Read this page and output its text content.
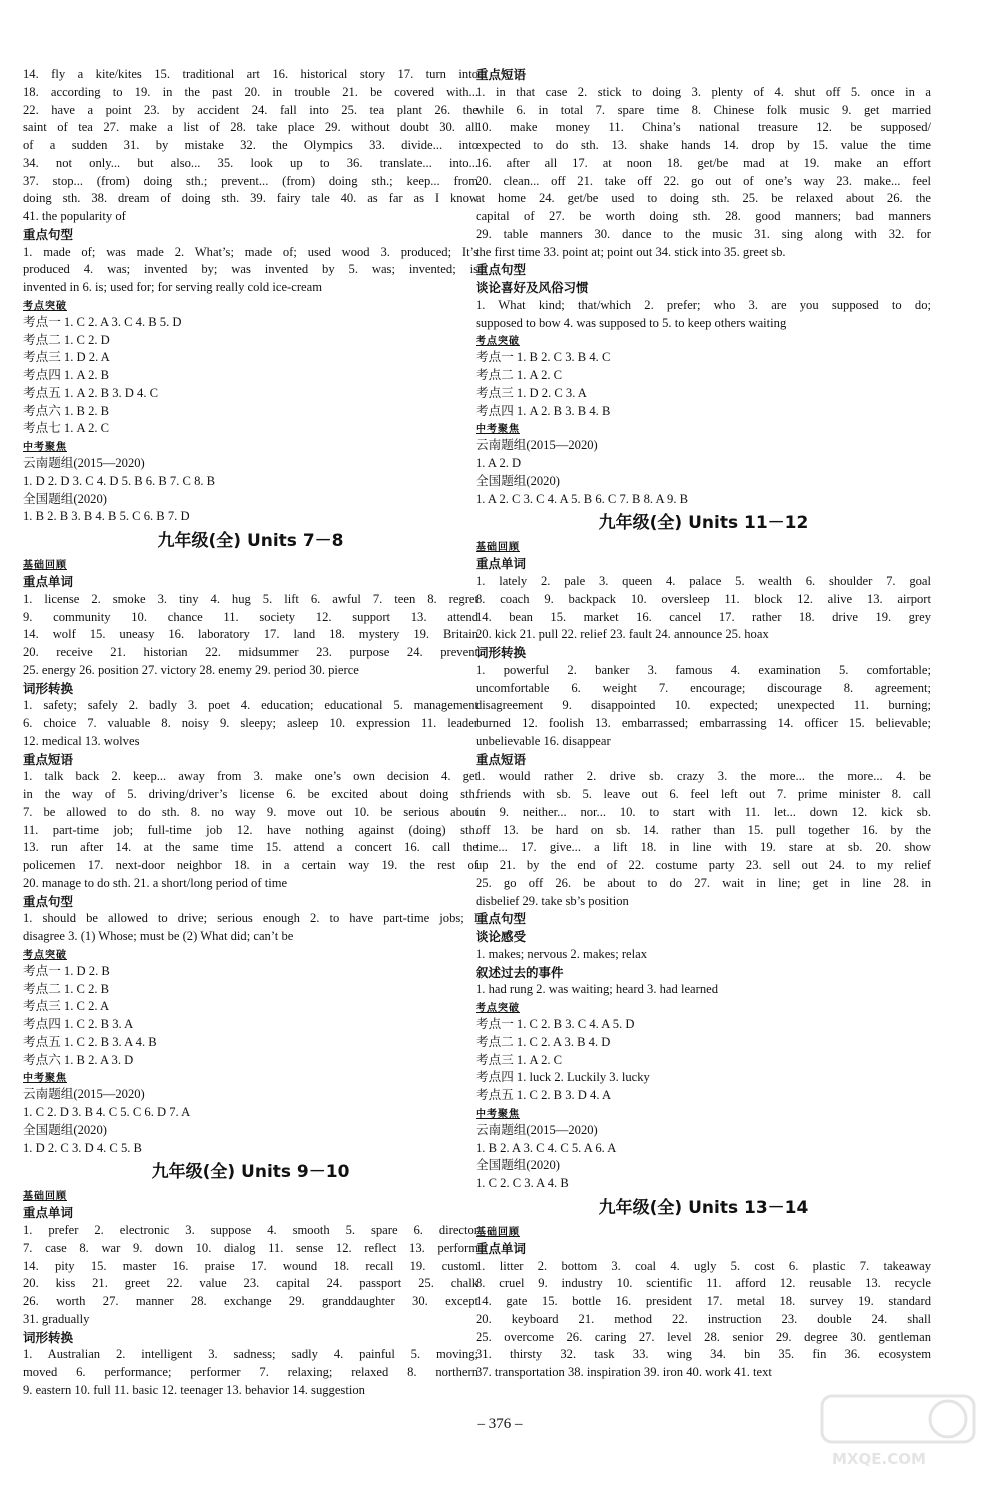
14. fly a kite/kites 15. traditional art 16. historical story 17. turn into

18. according to 19. in the past 20. in trouble 21. be covered with...

22. have a point 23. by accident 24. fall into 25. tea plant 26. the

saint of tea 27. make a list of 28. take place 29. without doubt 30. all

of a sudden 31. by mistake 32. the Olympics 33. divide... into

34. not only... but also... 35. look up to 36. translate... into...

37. stop... (from) doing sth.; prevent... (from) doing sth.; keep... from

doing sth. 38. dream of doing sth. 39. fairy tale 40. as far as I know

41. the popularity of

重点句型

1. made of; was made 2. What’s; made of; used wood 3. produced; It’s

produced 4. was; invented by; was invented by 5. was; invented; is

invented in 6. is; used for; for serving really cold ice-cream

考点突破

考点一 1. C 2. A 3. C 4. B 5. D

考点二 1. C 2. D

考点三 1. D 2. A

考点四 1. A 2. B

考点五 1. A 2. B 3. D 4. C

考点六 1. B 2. B

考点七 1. A 2. C

中考聚焦

云南题组(2015—2020)

1. D 2. D 3. C 4. D 5. B 6. B 7. C 8. B

全国题组(2020)

1. B 2. B 3. B 4. B 5. C 6. B 7. D

九年级(全) Units 7－8

基础回顾

重点单词

1. license 2. smoke 3. tiny 4. hug 5. lift 6. awful 7. teen 8. regret

9. community 10. chance 11. society 12. support 13. attend

14. wolf 15. uneasy 16. laboratory 17. land 18. mystery 19. Britain

20. receive 21. historian 22. midsummer 23. purpose 24. prevent

25. energy 26. position 27. victory 28. enemy 29. period 30. pierce

词形转换

1. safety; safely 2. badly 3. poet 4. education; educational 5. management

6. choice 7. valuable 8. noisy 9. sleepy; asleep 10. expression 11. leader

12. medical 13. wolves

重点短语

1. talk back 2. keep... away from 3. make one’s own decision 4. get

in the way of 5. driving/driver’s license 6. be excited about doing sth.

7. be allowed to do sth. 8. no way 9. move out 10. be serious about

11. part-time job; full-time job 12. have nothing against (doing) sth.

13. run after 14. at the same time 15. attend a concert 16. call the

policemen 17. next-door neighbor 18. in a certain way 19. the rest of

20. manage to do sth. 21. a short/long period of time

重点句型

1. should be allowed to drive; serious enough 2. to have part-time jobs; I

disagree 3. (1) Whose; must be (2) What did; can’t be

考点突破

考点一 1. D 2. B

考点二 1. C 2. B

考点三 1. C 2. A

考点四 1. C 2. B 3. A

考点五 1. C 2. B 3. A 4. B

考点六 1. B 2. A 3. D

中考聚焦

云南题组(2015—2020)

1. C 2. D 3. B 4. C 5. C 6. D 7. A

全国题组(2020)

1. D 2. C 3. D 4. C 5. B

九年级(全) Units 9－10

基础回顾

重点单词

1. prefer 2. electronic 3. suppose 4. smooth 5. spare 6. director

7. case 8. war 9. down 10. dialog 11. sense 12. reflect 13. perform

14. pity 15. master 16. praise 17. wound 18. recall 19. custom

20. kiss 21. greet 22. value 23. capital 24. passport 25. chalk

26. worth 27. manner 28. exchange 29. granddaughter 30. except

31. gradually

词形转换

1. Australian 2. intelligent 3. sadness; sadly 4. painful 5. moving;

moved 6. performance; performer 7. relaxing; relaxed 8. northern

9. eastern 10. full 11. basic 12. teenager 13. behavior 14. suggestion

重点短语

1. in that case 2. stick to doing 3. plenty of 4. shut off 5. once in a

while 6. in total 7. spare time 8. Chinese folk music 9. get married

10. make money 11. China’s national treasure 12. be supposed/

expected to do sth. 13. shake hands 14. drop by 15. value the time

16. after all 17. at noon 18. get/be mad at 19. make an effort

20. clean... off 21. take off 22. go out of one’s way 23. make... feel

at home 24. get/be used to doing sth. 25. be relaxed about 26. the

capital of 27. be worth doing sth. 28. good manners; bad manners

29. table manners 30. dance to the music 31. sing along with 32. for

the first time 33. point at; point out 34. stick into 35. greet sb.

重点句型

谈论喜好及风俗习惯

1. What kind; that/which 2. prefer; who 3. are you supposed to do;

supposed to bow 4. was supposed to 5. to keep others waiting

考点突破

考点一 1. B 2. C 3. B 4. C

考点二 1. A 2. C

考点三 1. D 2. C 3. A

考点四 1. A 2. B 3. B 4. B

中考聚焦

云南题组(2015—2020)

1. A 2. D

全国题组(2020)

1. A 2. C 3. C 4. A 5. B 6. C 7. B 8. A 9. B

九年级(全) Units 11－12

基础回顾

重点单词

1. lately 2. pale 3. queen 4. palace 5. wealth 6. shoulder 7. goal

8. coach 9. backpack 10. oversleep 11. block 12. alive 13. airport

14. bean 15. market 16. cancel 17. rather 18. drive 19. grey

20. kick 21. pull 22. relief 23. fault 24. announce 25. hoax

词形转换

1. powerful 2. banker 3. famous 4. examination 5. comfortable;

uncomfortable 6. weight 7. encourage; discourage 8. agreement;

disagreement 9. disappointed 10. expected; unexpected 11. burning;

burned 12. foolish 13. embarrassed; embarrassing 14. officer 15. believable;

unbelievable 16. disappear

重点短语

1. would rather 2. drive sb. crazy 3. the more... the more... 4. be

friends with sb. 5. leave out 6. feel left out 7. prime minister 8. call

in 9. neither... nor... 10. to start with 11. let... down 12. kick sb.

off 13. be hard on sb. 14. rather than 15. pull together 16. by the

time... 17. give... a lift 18. in line with 19. stare at sb. 20. show

up 21. by the end of 22. costume party 23. sell out 24. to my relief

25. go off 26. be about to do 27. wait in line; get in line 28. in

disbelief 29. take sb’s position

重点句型

谈论感受

1. makes; nervous 2. makes; relax

叙述过去的事件

1. had rung 2. was waiting; heard 3. had learned

考点突破

考点一 1. C 2. B 3. C 4. A 5. D

考点二 1. C 2. A 3. B 4. D

考点三 1. A 2. C

考点四 1. luck 2. Luckily 3. lucky

考点五 1. C 2. B 3. D 4. A

中考聚焦

云南题组(2015—2020)

1. B 2. A 3. C 4. C 5. A 6. A

全国题组(2020)

1. C 2. C 3. A 4. B

九年级(全) Units 13－14

基础回顾

重点单词

1. litter 2. bottom 3. coal 4. ugly 5. cost 6. plastic 7. takeaway

8. cruel 9. industry 10. scientific 11. afford 12. reusable 13. recycle

14. gate 15. bottle 16. president 17. metal 18. survey 19. standard

20. keyboard 21. method 22. instruction 23. double 24. shall

25. overcome 26. caring 27. level 28. senior 29. degree 30. gentleman

31. thirsty 32. task 33. wing 34. bin 35. fin 36. ecosystem

37. transportation 38. inspiration 39. iron 40. work 41. text

– 376 –
MXQE.COM
